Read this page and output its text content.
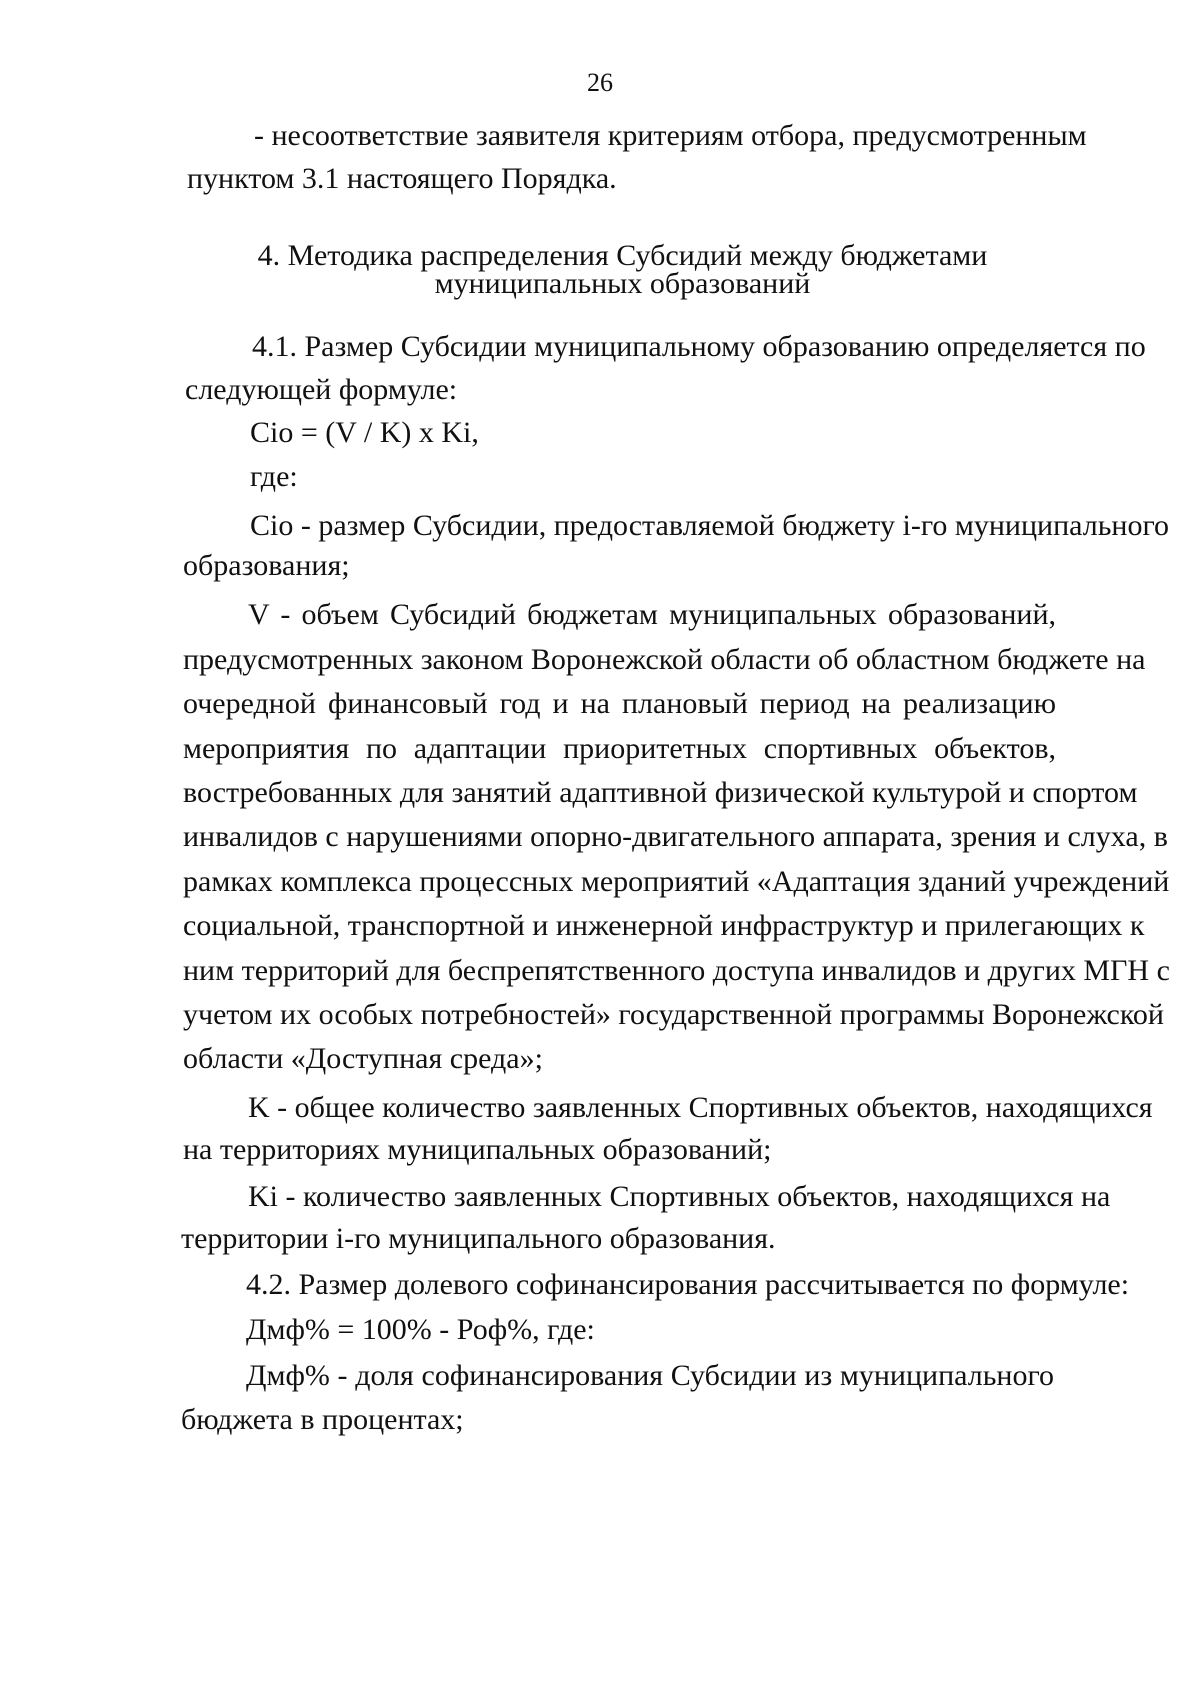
26

- несоответствие заявителя критериям отбора, предусмотренным

пунктом 3.1 настоящего Порядка.

4. Методика распределения Субсидий между бюджетами

муниципальных образований

4.1. Размер Субсидии муниципальному образованию определяется по

следующей формуле:

Cio = (V / K) x Ki,

где:

Cio - размер Субсидии, предоставляемой бюджету i-го муниципального

образования;

V - объем Субсидий бюджетам муниципальных образований,

предусмотренных законом Воронежской области об областном бюджете на

очередной финансовый год и на плановый период на реализацию

мероприятия по адаптации приоритетных спортивных объектов,

востребованных для занятий адаптивной физической культурой и спортом

инвалидов с нарушениями опорно-двигательного аппарата, зрения и слуха, в

рамках комплекса процессных мероприятий «Адаптация зданий учреждений

социальной, транспортной и инженерной инфраструктур и прилегающих к

ним территорий для беспрепятственного доступа инвалидов и других МГН с

учетом их особых потребностей» государственной программы Воронежской

области «Доступная среда»;

K - общее количество заявленных Спортивных объектов, находящихся

на территориях муниципальных образований;

Ki - количество заявленных Спортивных объектов, находящихся на

территории i-го муниципального образования.

4.2. Размер долевого софинансирования рассчитывается по формуле:

Дмф% = 100% - Роф%, где:

Дмф% - доля софинансирования Субсидии из муниципального

бюджета в процентах;
